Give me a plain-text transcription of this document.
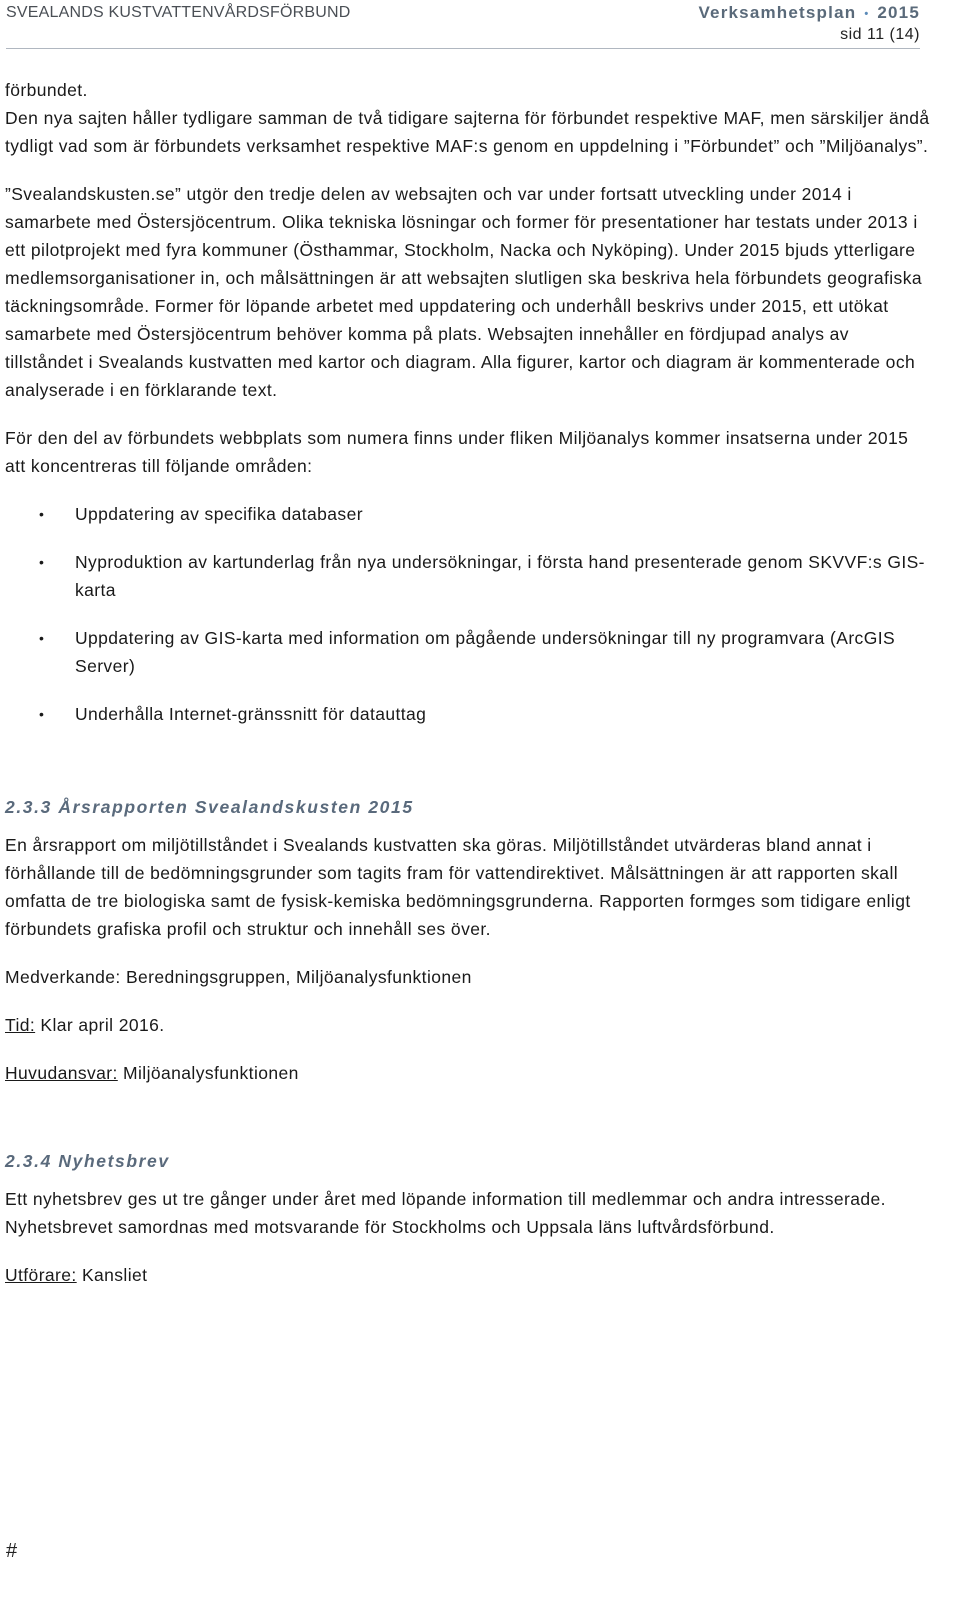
SVEALANDS KUSTVATTENVÅRDSFÖRBUND	Verksamhetsplan • 2015
sid 11 (14)

förbundet.

Den nya sajten håller tydligare samman de två tidigare sajterna för förbundet respektive MAF, men särskiljer ändå tydligt vad som är förbundets verksamhet respektive MAF:s genom en uppdelning i ”Förbundet” och ”Miljöanalys”.

”Svealandskusten.se” utgör den tredje delen av websajten och var under fortsatt utveckling under 2014 i samarbete med Östersjöcentrum. Olika tekniska lösningar och former för presentationer har testats under 2013 i ett pilotprojekt med fyra kommuner (Östhammar, Stockholm, Nacka och Nyköping). Under 2015 bjuds ytterligare medlemsorganisationer in, och målsättningen är att websajten slutligen ska beskriva hela förbundets geografiska täckningsområde. Former för löpande arbetet med uppdatering och underhåll beskrivs under 2015, ett utökat samarbete med Östersjöcentrum behöver komma på plats. Websajten innehåller en fördjupad analys av tillståndet i Svealands kustvatten med kartor och diagram. Alla figurer, kartor och diagram är kommenterade och analyserade i en förklarande text.

För den del av förbundets webbplats som numera finns under fliken Miljöanalys kommer insatserna under 2015 att koncentreras till följande områden:

• Uppdatering av specifika databaser
• Nyproduktion av kartunderlag från nya undersökningar, i första hand presenterade genom SKVVF:s GIS-karta
• Uppdatering av GIS-karta med information om pågående undersökningar till ny programvara (ArcGIS Server)
• Underhålla Internet-gränssnitt för datauttag
2.3.3 Årsrapporten Svealandskusten 2015

En årsrapport om miljötillståndet i Svealands kustvatten ska göras. Miljötillståndet utvärderas bland annat i förhållande till de bedömningsgrunder som tagits fram för vattendirektivet. Målsättningen är att rapporten skall omfatta de tre biologiska samt de fysisk-kemiska bedömningsgrunderna. Rapporten formges som tidigare enligt förbundets grafiska profil och struktur och innehåll ses över.

Medverkande: Beredningsgruppen, Miljöanalysfunktionen

Tid: Klar april 2016.

Huvudansvar: Miljöanalysfunktionen

2.3.4 Nyhetsbrev

Ett nyhetsbrev ges ut tre gånger under året med löpande information till medlemmar och andra intresserade. Nyhetsbrevet samordnas med motsvarande för Stockholms och Uppsala läns luftvårdsförbund.

Utförare: Kansliet

#
